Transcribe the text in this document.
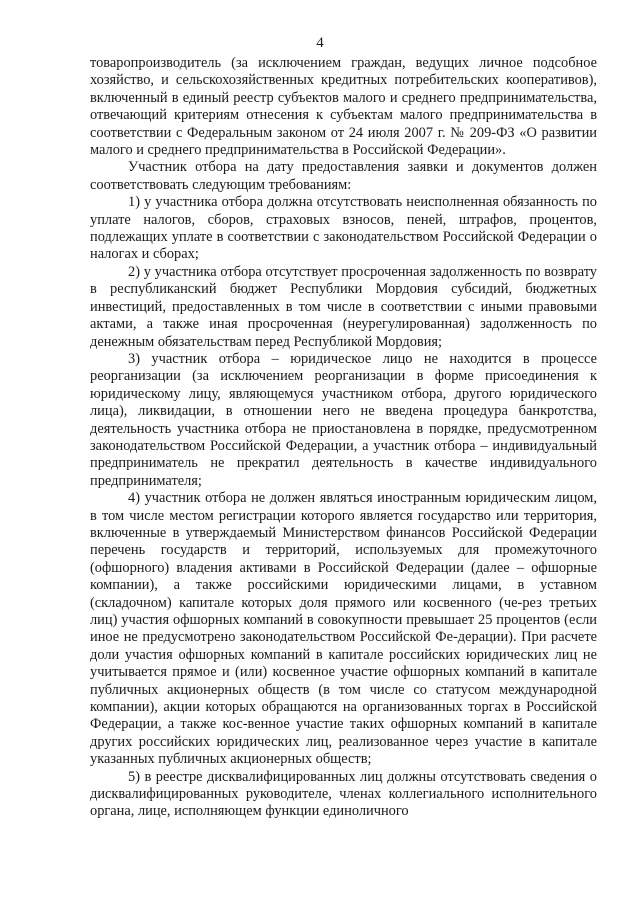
4

товаропроизводитель (за исключением граждан, ведущих личное подсобное хозяйство, и сельскохозяйственных кредитных потребительских кооперативов), включенный в единый реестр субъектов малого и среднего предпринимательства, отвечающий критериям отнесения к субъектам малого предпринимательства в соответствии с Федеральным законом от 24 июля 2007 г. № 209-ФЗ «О развитии малого и среднего предпринимательства в Российской Федерации».

Участник отбора на дату предоставления заявки и документов должен соответствовать следующим требованиям:

1) у участника отбора должна отсутствовать неисполненная обязанность по уплате налогов, сборов, страховых взносов, пеней, штрафов, процентов, подлежащих уплате в соответствии с законодательством Российской Федерации о налогах и сборах;

2) у участника отбора отсутствует просроченная задолженность по возврату в республиканский бюджет Республики Мордовия субсидий, бюджетных инвестиций, предоставленных в том числе в соответствии с иными правовыми актами, а также иная просроченная (неурегулированная) задолженность по денежным обязательствам перед Республикой Мордовия;

3) участник отбора – юридическое лицо не находится в процессе реорганизации (за исключением реорганизации в форме присоединения к юридическому лицу, являющемуся участником отбора, другого юридического лица), ликвидации, в отношении него не введена процедура банкротства, деятельность участника отбора не приостановлена в порядке, предусмотренном законодательством Российской Федерации, а участник отбора – индивидуальный предприниматель не прекратил деятельность в качестве индивидуального предпринимателя;

4) участник отбора не должен являться иностранным юридическим лицом, в том числе местом регистрации которого является государство или территория, включенные в утверждаемый Министерством финансов Российской Федерации перечень государств и территорий, используемых для промежуточного (офшорного) владения активами в Российской Федерации (далее – офшорные компании), а также российскими юридическими лицами, в уставном (складочном) капитале которых доля прямого или косвенного (че-рез третьих лиц) участия офшорных компаний в совокупности превышает 25 процентов (если иное не предусмотрено законодательством Российской Фе-дерации). При расчете доли участия офшорных компаний в капитале российских юридических лиц не учитывается прямое и (или) косвенное участие офшорных компаний в капитале публичных акционерных обществ (в том числе со статусом международной компании), акции которых обращаются на организованных торгах в Российской Федерации, а также кос-венное участие таких офшорных компаний в капитале других российских юридических лиц, реализованное через участие в капитале указанных публичных акционерных обществ;

5) в реестре дисквалифицированных лиц должны отсутствовать сведения о дисквалифицированных руководителе, членах коллегиального исполнительного органа, лице, исполняющем функции единоличного
